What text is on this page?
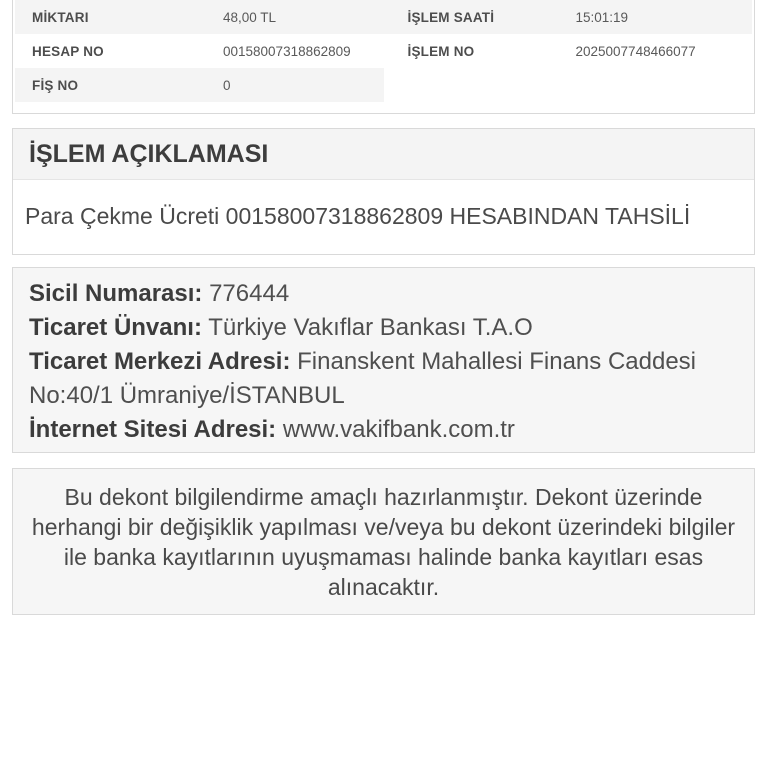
MİKTARI	48,00 TL
HESAP NO	00158007318862809
FİŞ NO	0
İŞLEM SAATİ	15:01:19
İŞLEM NO	2025007748466077
İŞLEM AÇIKLAMASI
Para Çekme Ücreti 00158007318862809 HESABINDAN TAHSİLİ
Sicil Numarası: 776444
Ticaret Ünvanı: Türkiye Vakıflar Bankası T.A.O
Ticaret Merkezi Adresi: Finanskent Mahallesi Finans Caddesi No:40/1 Ümraniye/İSTANBUL
İnternet Sitesi Adresi: www.vakifbank.com.tr

Bu dekont bilgilendirme amaçlı hazırlanmıştır. Dekont üzerinde herhangi bir değişiklik yapılması ve/veya bu dekont üzerindeki bilgiler ile banka kayıtlarının uyuşmaması halinde banka kayıtları esas alınacaktır.
